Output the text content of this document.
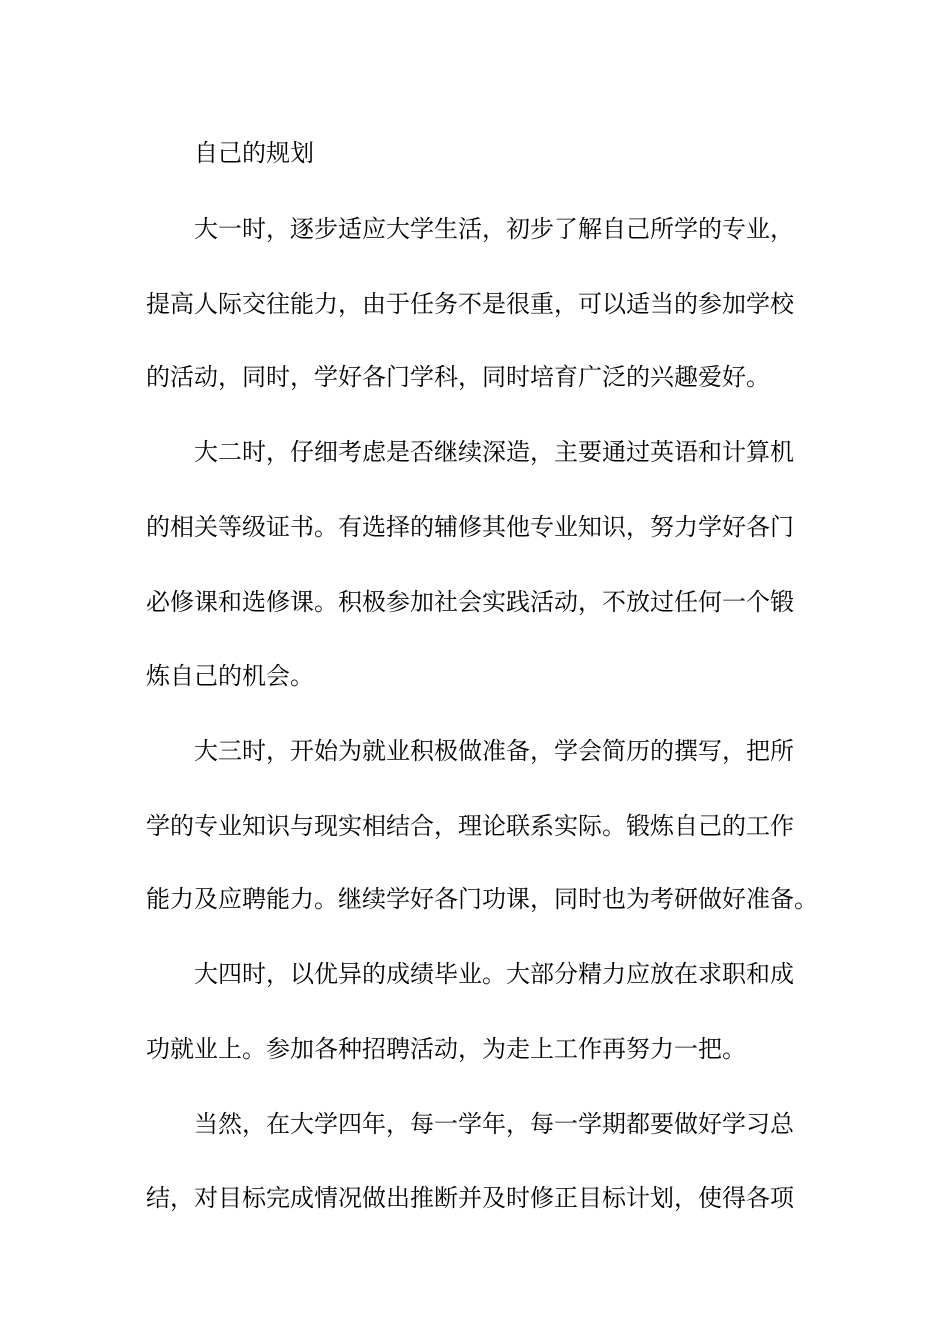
自己的规划
大一时，逐步适应大学生活，初步了解自己所学的专业，
提高人际交往能力，由于任务不是很重，可以适当的参加学校
的活动，同时，学好各门学科，同时培育广泛的兴趣爱好。
大二时，仔细考虑是否继续深造，主要通过英语和计算机
的相关等级证书。有选择的辅修其他专业知识，努力学好各门
必修课和选修课。积极参加社会实践活动，不放过任何一个锻
炼自己的机会。
大三时，开始为就业积极做准备，学会简历的撰写，把所
学的专业知识与现实相结合，理论联系实际。锻炼自己的工作
能力及应聘能力。继续学好各门功课，同时也为考研做好准备。
大四时，以优异的成绩毕业。大部分精力应放在求职和成
功就业上。参加各种招聘活动，为走上工作再努力一把。
当然，在大学四年，每一学年，每一学期都要做好学习总
结，对目标完成情况做出推断并及时修正目标计划，使得各项
